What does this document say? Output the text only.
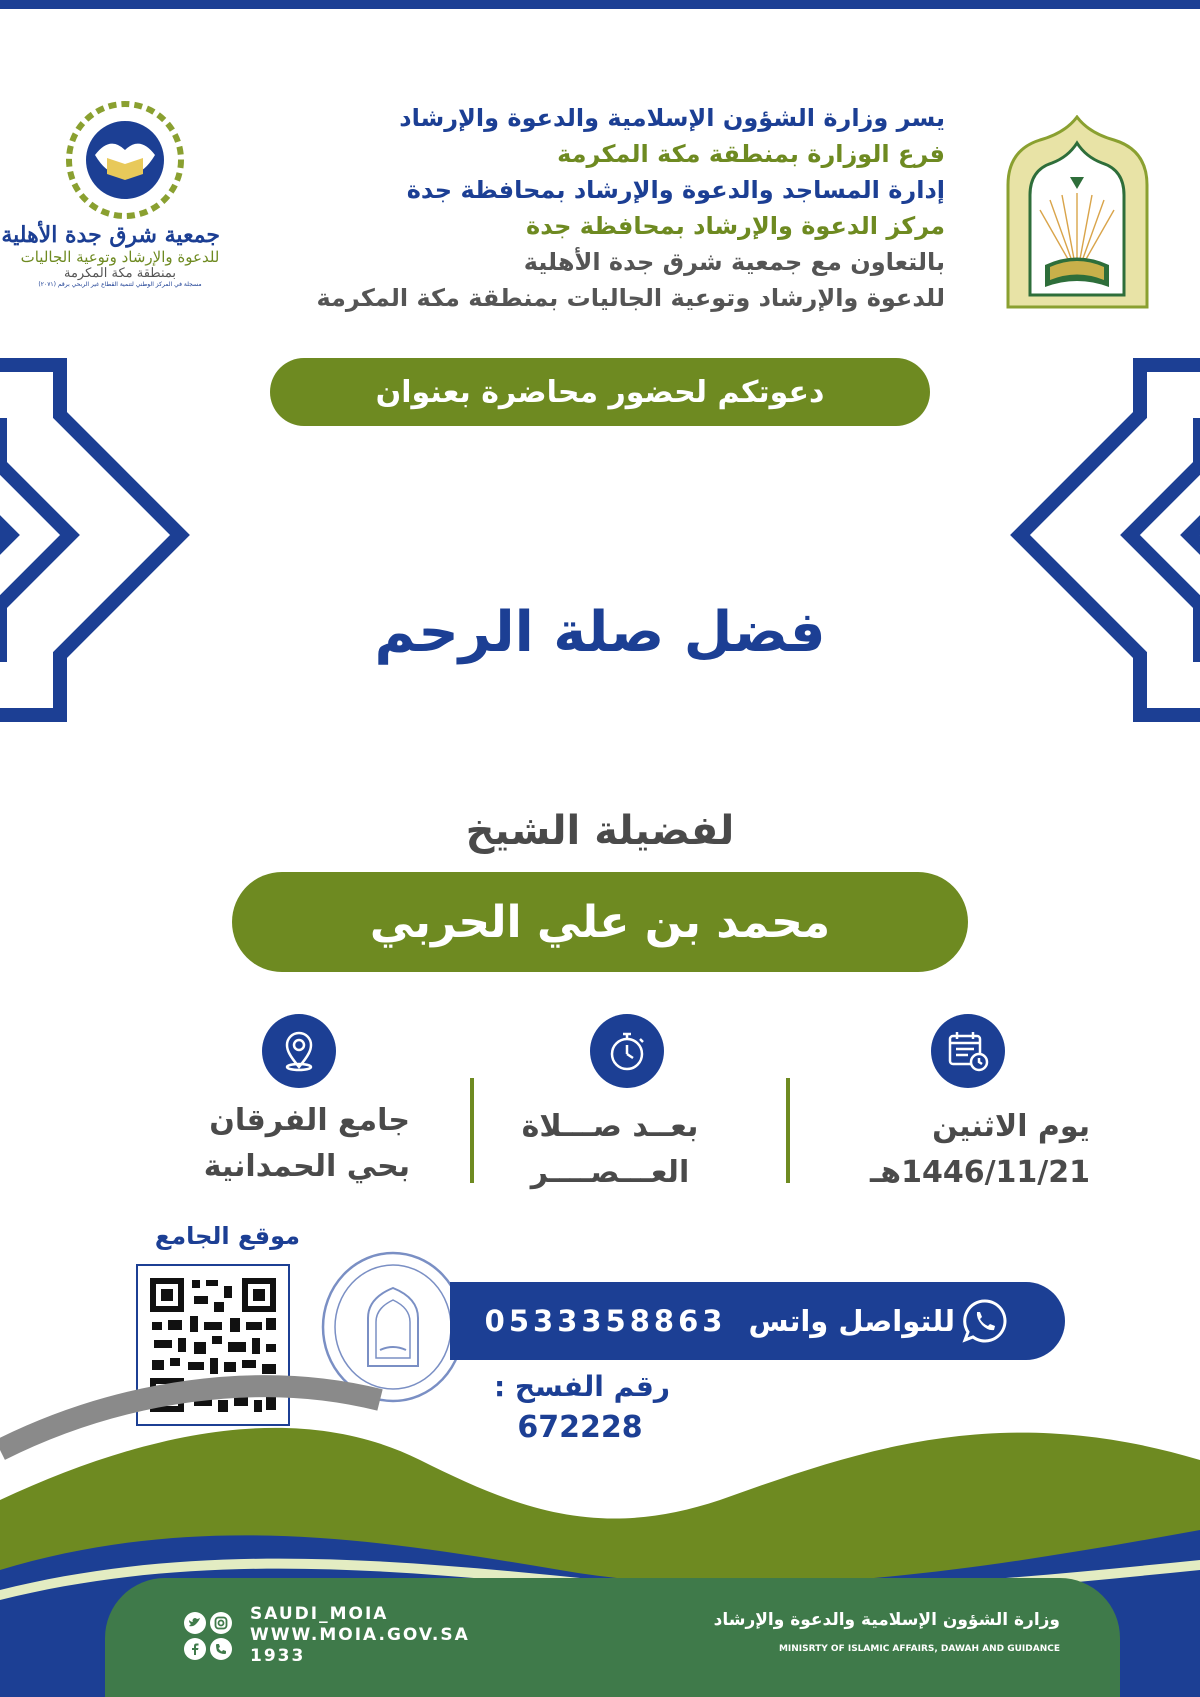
جمعية شرق جدة الأهلية
للدعوة والإرشاد وتوعية الجاليات
بمنطقة مكة المكرمة
مسجلة في المركز الوطني لتنمية القطاع غير الربحي برقم (٢٠٧١)
يسر وزارة الشؤون الإسلامية والدعوة والإرشاد
فرع الوزارة بمنطقة مكة المكرمة
إدارة المساجد والدعوة والإرشاد بمحافظة جدة
مركز الدعوة والإرشاد بمحافظة جدة
بالتعاون مع جمعية شرق جدة الأهلية
للدعوة والإرشاد وتوعية الجاليات بمنطقة مكة المكرمة
دعوتكم لحضور محاضرة بعنوان
فضل صلة الرحم
لفضيلة الشيخ
محمد بن علي الحربي
يوم الاثنين
1446/11/21هـ
بعــد صـــلاة
العـــصــــر
جامع الفرقان
بحي الحمدانية
موقع الجامع
0533358863 للتواصل واتس
رقم الفسح :
672228
SAUDI_MOIA
WWW.MOIA.GOV.SA
1933
وزارة الشؤون الإسلامية والدعوة والإرشاد
MINISRTY OF ISLAMIC AFFAIRS, DAWAH AND GUIDANCE
